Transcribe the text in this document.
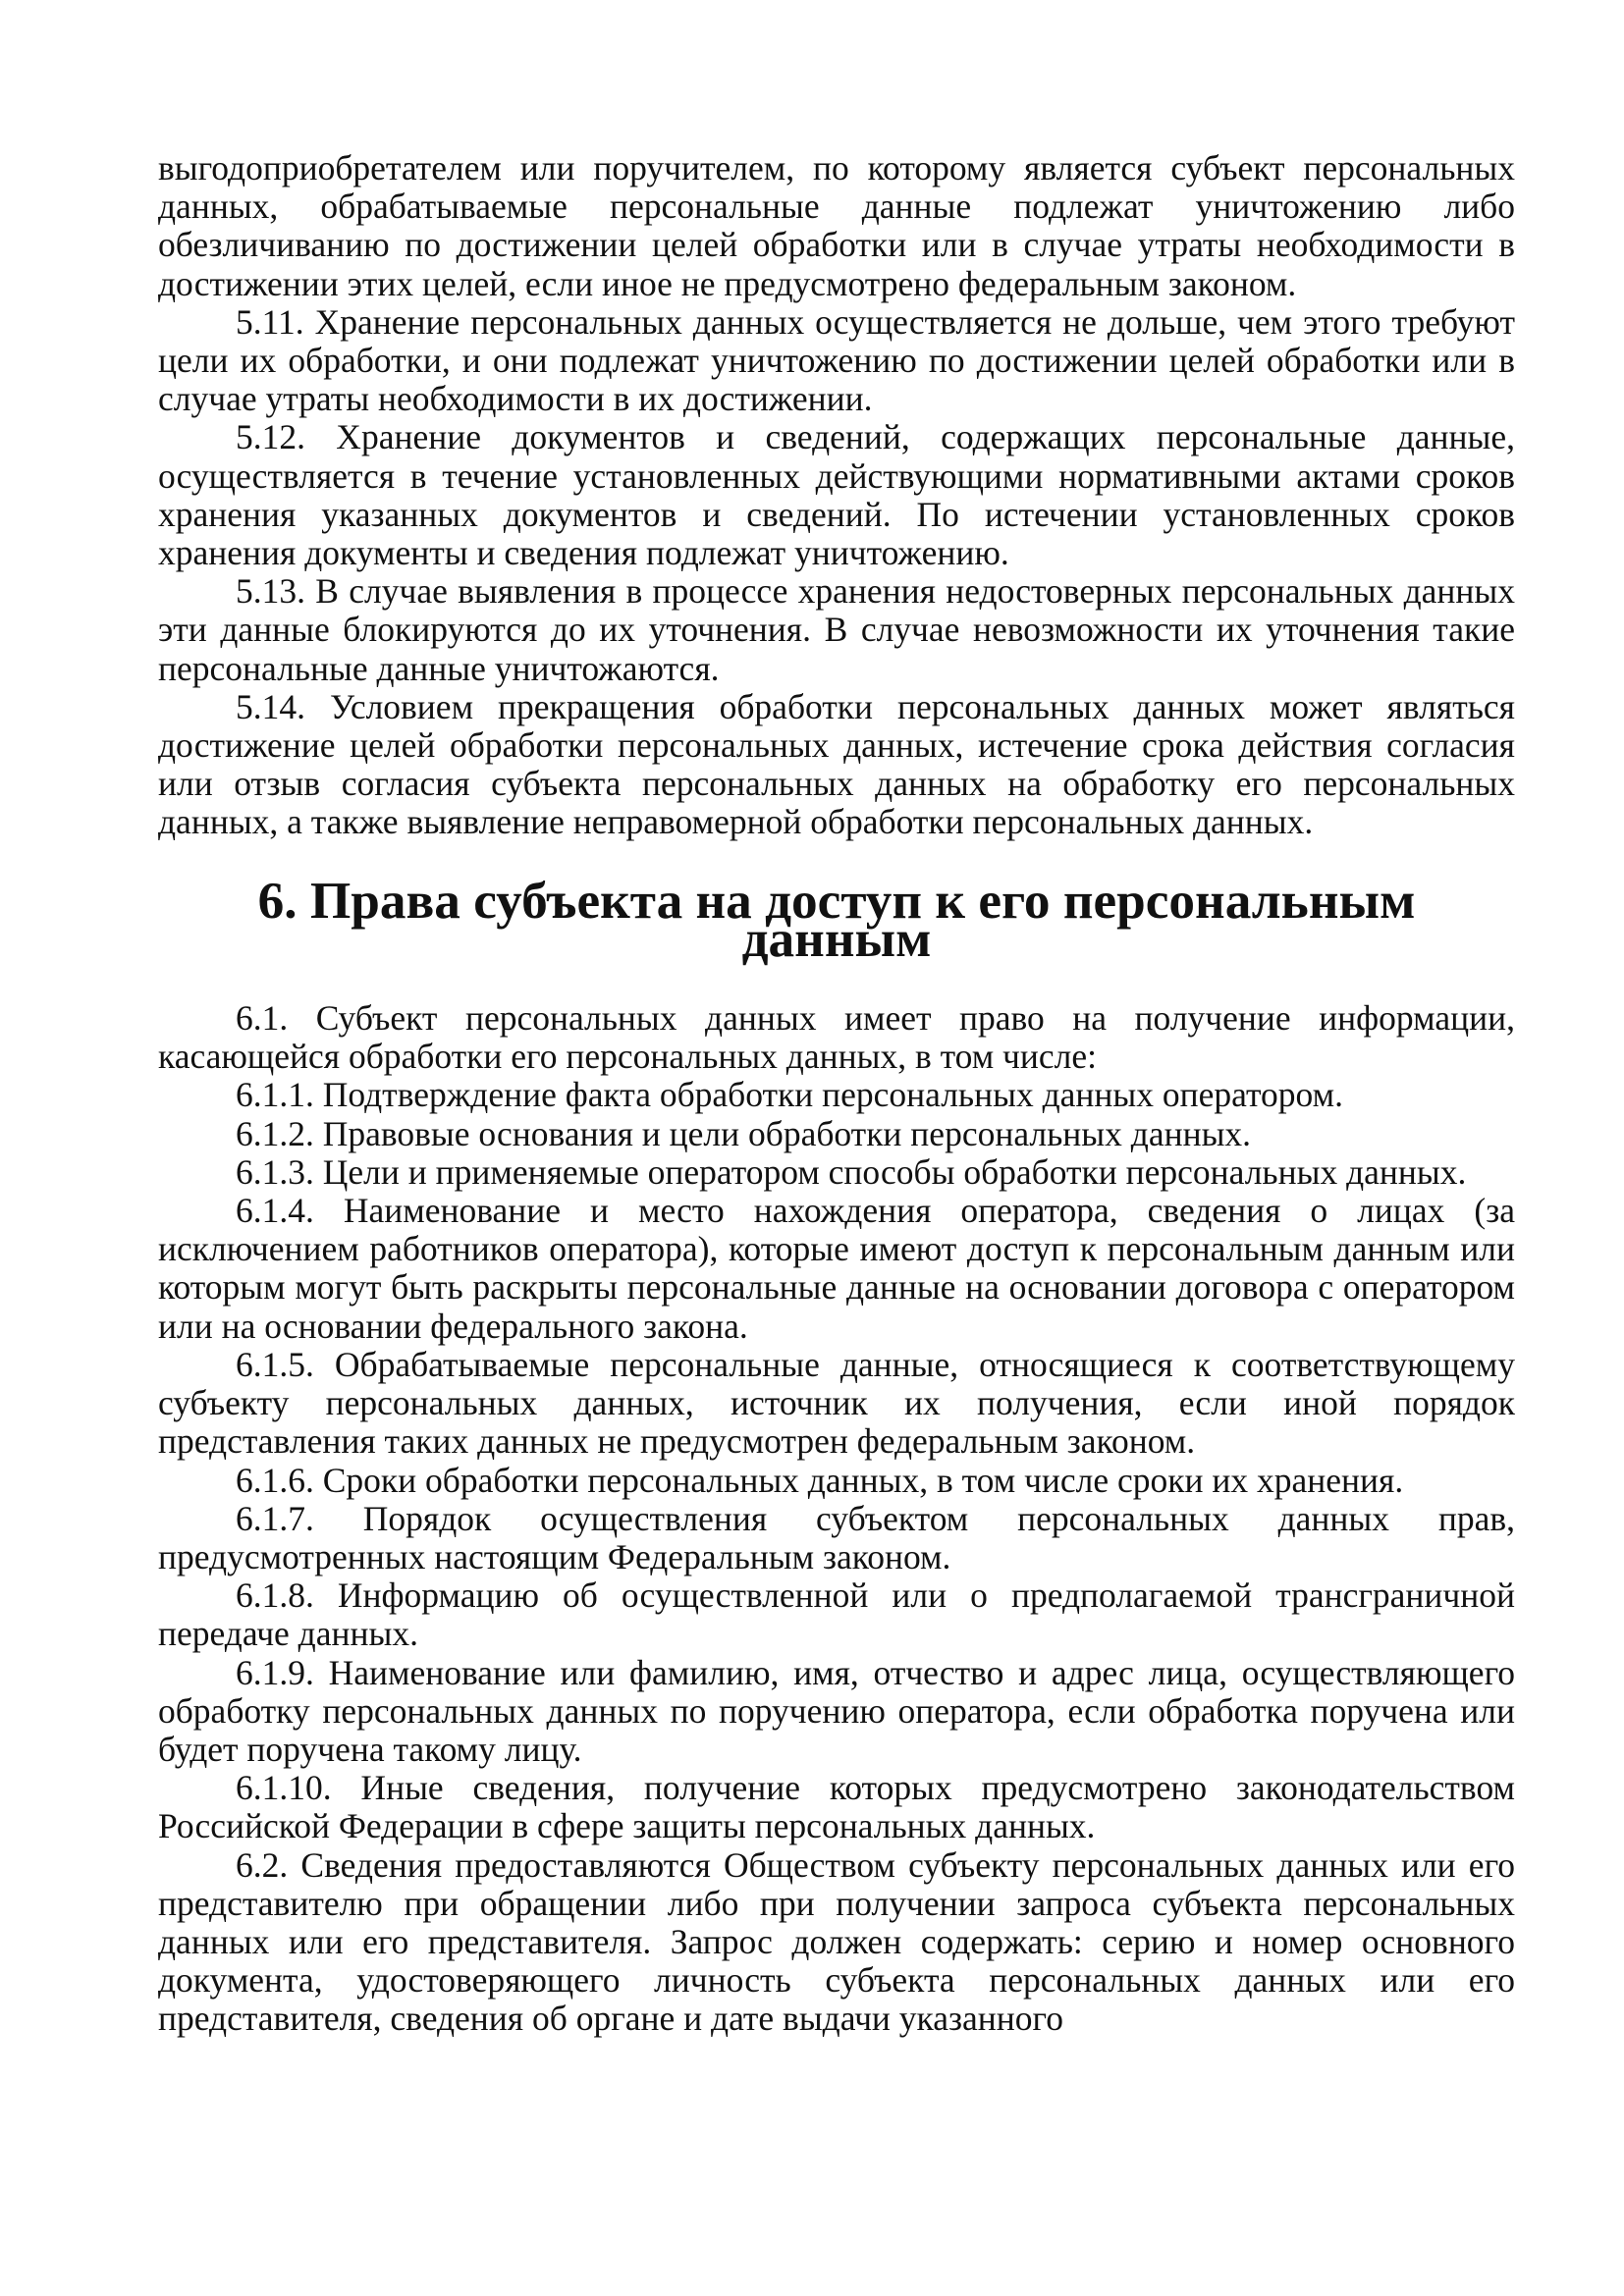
выгодоприобретателем или поручителем, по которому является субъект персональных данных, обрабатываемые персональные данные подлежат уничтожению либо обезличиванию по достижении целей обработки или в случае утраты необходимости в достижении этих целей, если иное не предусмотрено федеральным законом.

5.11. Хранение персональных данных осуществляется не дольше, чем этого требуют цели их обработки, и они подлежат уничтожению по достижении целей обработки или в случае утраты необходимости в их достижении.

5.12. Хранение документов и сведений, содержащих персональные данные, осуществляется в течение установленных действующими нормативными актами сроков хранения указанных документов и сведений. По истечении установленных сроков хранения документы и сведения подлежат уничтожению.

5.13. В случае выявления в процессе хранения недостоверных персональных данных эти данные блокируются до их уточнения. В случае невозможности их уточнения такие персональные данные уничтожаются.

5.14. Условием прекращения обработки персональных данных может являться достижение целей обработки персональных данных, истечение срока действия согласия или отзыв согласия субъекта персональных данных на обработку его персональных данных, а также выявление неправомерной обработки персональных данных.

6. Права субъекта на доступ к его персональным данным

6.1. Субъект персональных данных имеет право на получение информации, касающейся обработки его персональных данных, в том числе:

6.1.1. Подтверждение факта обработки персональных данных оператором.

6.1.2. Правовые основания и цели обработки персональных данных.

6.1.3. Цели и применяемые оператором способы обработки персональных данных.

6.1.4. Наименование и место нахождения оператора, сведения о лицах (за исключением работников оператора), которые имеют доступ к персональным данным или которым могут быть раскрыты персональные данные на основании договора с оператором или на основании федерального закона.

6.1.5. Обрабатываемые персональные данные, относящиеся к соответствующему субъекту персональных данных, источник их получения, если иной порядок представления таких данных не предусмотрен федеральным законом.

6.1.6. Сроки обработки персональных данных, в том числе сроки их хранения.

6.1.7. Порядок осуществления субъектом персональных данных прав, предусмотренных настоящим Федеральным законом.

6.1.8. Информацию об осуществленной или о предполагаемой трансграничной передаче данных.

6.1.9. Наименование или фамилию, имя, отчество и адрес лица, осуществляющего обработку персональных данных по поручению оператора, если обработка поручена или будет поручена такому лицу.

6.1.10. Иные сведения, получение которых предусмотрено законодательством Российской Федерации в сфере защиты персональных данных.

6.2. Сведения предоставляются Обществом субъекту персональных данных или его представителю при обращении либо при получении запроса субъекта персональных данных или его представителя. Запрос должен содержать: серию и номер основного документа, удостоверяющего личность субъекта персональных данных или его представителя, сведения об органе и дате выдачи указанного
